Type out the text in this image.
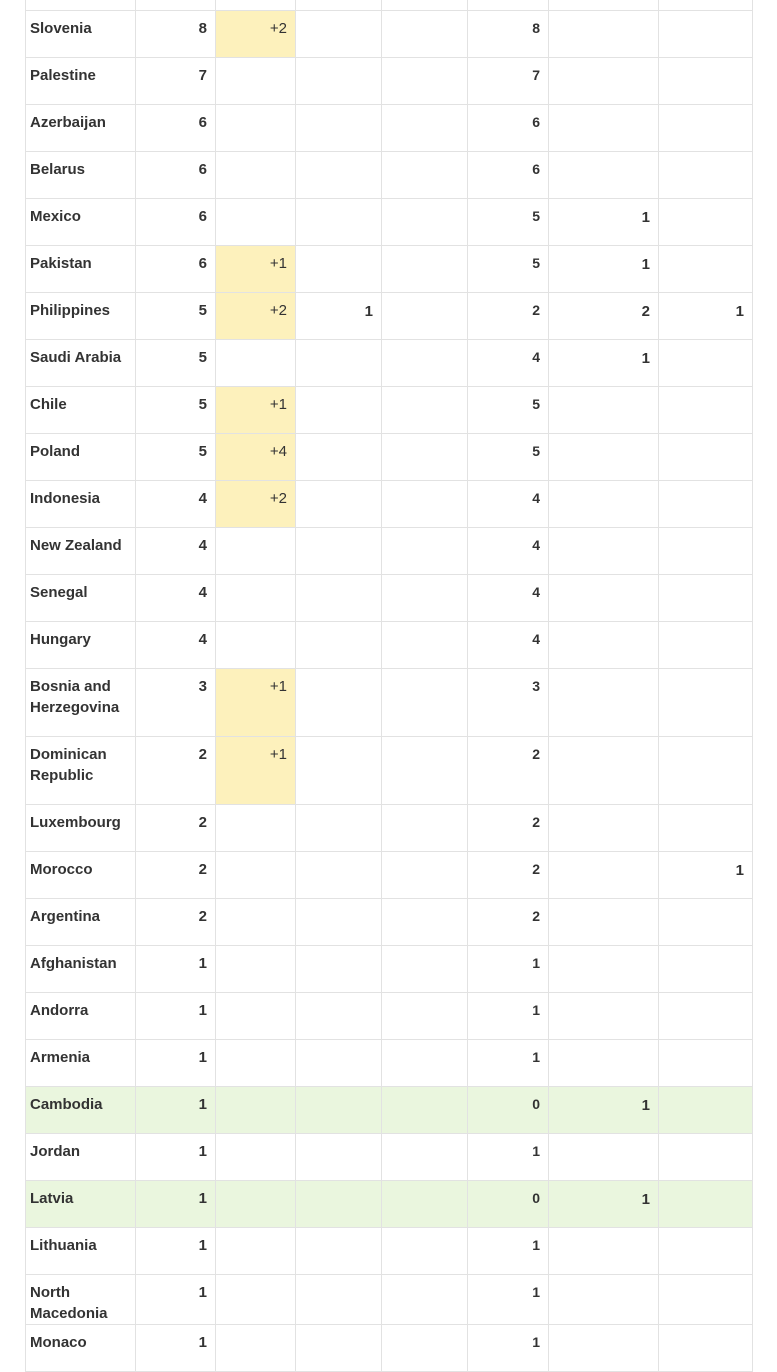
Slovenia	8	+2			8		
Palestine	7				7		
Azerbaijan	6				6		
Belarus	6				6		
Mexico	6				5	1	
Pakistan	6	+1			5	1	
Philippines	5	+2	1		2	2	1
Saudi Arabia	5				4	1	
Chile	5	+1			5		
Poland	5	+4			5		
Indonesia	4	+2			4		
New Zealand	4				4		
Senegal	4				4		
Hungary	4				4		
Bosnia and Herzegovina	3	+1			3		
Dominican Republic	2	+1			2		
Luxembourg	2				2		
Morocco	2				2		1
Argentina	2				2		
Afghanistan	1				1		
Andorra	1				1		
Armenia	1				1		
Cambodia	1				0	1	
Jordan	1				1		
Latvia	1				0	1	
Lithuania	1				1		
North Macedonia	1				1		
Monaco	1				1		
